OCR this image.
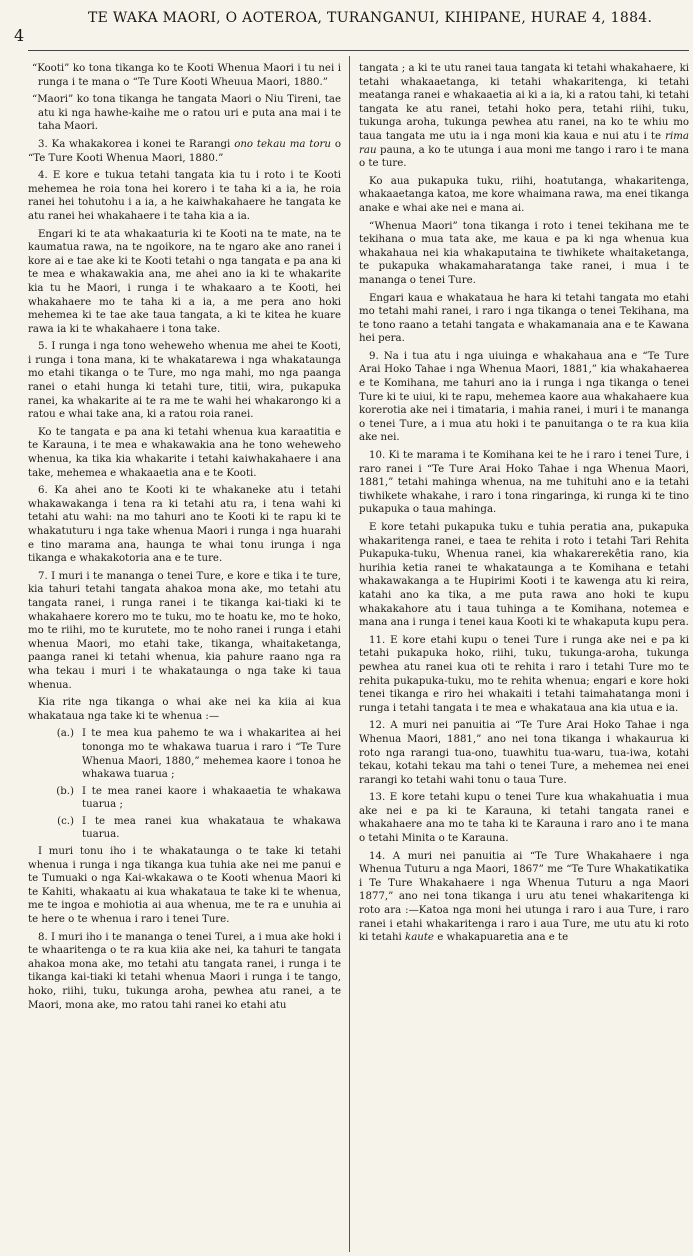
4
TE WAKA MAORI, O AOTEROA, TURANGANUI, KIHIPANE, HURAE 4, 1884.

“Kooti” ko tona tikanga ko te Kooti Whenua Maori i tu nei i runga i te mana o “Te Ture Kooti Wheuua Maori, 1880.”

“Maori” ko tona tikanga he tangata Maori o Niu Tireni, tae atu ki nga hawhe-kaihe me o ratou uri e puta ana mai i te taha Maori.

3. Ka whakakorea i konei te Rarangi ono tekau ma toru o “Te Ture Kooti Whenua Maori, 1880.”

4. E kore e tukua tetahi tangata kia tu i roto i te Kooti mehemea he roia tona hei korero i te taha ki a ia, he roia ranei hei tohutohu i a ia, a he kaiwhakahaere he tangata ke atu ranei hei whakahaere i te taha kia a ia.

Engari ki te ata whakaaturia ki te Kooti na te mate, na te kaumatua rawa, na te ngoikore, na te ngaro ake ano ranei i kore ai e tae ake ki te Kooti tetahi o nga tangata e pa ana ki te mea e whakawakia ana, me ahei ano ia ki te whakarite kia tu he Maori, i runga i te whakaaro a te Kooti, hei whakahaere mo te taha ki a ia, a me pera ano hoki mehemea ki te tae ake taua tangata, a ki te kitea he kuare rawa ia ki te whakahaere i tona take.

5. I runga i nga tono weheweho whenua me ahei te Kooti, i runga i tona mana, ki te whakatarewa i nga whakataunga mo etahi tikanga o te Ture, mo nga mahi, mo nga paanga ranei o etahi hunga ki tetahi ture, titii, wira, pukapuka ranei, ka whakarite ai te ra me te wahi hei whakarongo ki a ratou e whai take ana, ki a ratou roia ranei.

Ko te tangata e pa ana ki tetahi whenua kua karaatitia e te Karauna, i te mea e whakawakia ana he tono weheweho whenua, ka tika kia whakarite i tetahi kaiwhakahaere i ana take, mehemea e whakaaetia ana e te Kooti.

6. Ka ahei ano te Kooti ki te whakaneke atu i tetahi whakawakanga i tena ra ki tetahi atu ra, i tena wahi ki tetahi atu wahi: na mo tahuri ano te Kooti ki te rapu ki te whakatuturu i nga take whenua Maori i runga i nga huarahi e tino marama ana, haunga te whai tonu irunga i nga tikanga e whakakotoria ana e te ture.

7. I muri i te mananga o tenei Ture, e kore e tika i te ture, kia tahuri tetahi tangata ahakoa mona ake, mo tetahi atu tangata ranei, i runga ranei i te tikanga kai-tiaki ki te whakahaere korero mo te tuku, mo te hoatu ke, mo te hoko, mo te riihi, mo te kurutete, mo te noho ranei i runga i etahi whenua Maori, mo etahi take, tikanga, whaitaketanga, paanga ranei ki tetahi whenua, kia pahure raano nga ra wha tekau i muri i te whakataunga o nga take ki taua whenua.

Kia rite nga tikanga o whai ake nei ka kiia ai kua whakataua nga take ki te whenua :—

(a.) I te mea kua pahemo te wa i whakaritea ai hei tononga mo te whakawa tuarua i raro i “Te Ture Whenua Maori, 1880,” mehemea kaore i tonoa he whakawa tuarua ;
(b.) I te mea ranei kaore i whakaaetia te whakawa tuarua ;
(c.) I te mea ranei kua whakataua te whakawa tuarua.

I muri tonu iho i te whakataunga o te take ki tetahi whenua i runga i nga tikanga kua tuhia ake nei me panui e te Tumuaki o nga Kai-wkakawa o te Kooti whenua Maori ki te Kahiti, whakaatu ai kua whakataua te take ki te whenua, me te ingoa e mohiotia ai aua whenua, me te ra e unuhia ai te here o te whenua i raro i tenei Ture.

8. I muri iho i te mananga o tenei Turei, a i mua ake hoki i te whaaritenga o te ra kua kiia ake nei, ka tahuri te tangata ahakoa mona ake, mo tetahi atu tangata ranei, i runga i te tikanga kai-tiaki ki tetahi whenua Maori i runga i te tango, hoko, riihi, tuku, tukunga aroha, pewhea atu ranei, a te Maori, mona ake, mo ratou tahi ranei ko etahi atu

tangata ; a ki te utu ranei taua tangata ki tetahi whakahaere, ki tetahi whakaaetanga, ki tetahi whakaritenga, ki tetahi meatanga ranei e whakaaetia ai ki a ia, ki a ratou tahi, ki tetahi tangata ke atu ranei, tetahi hoko pera, tetahi riihi, tuku, tukunga aroha, tukunga pewhea atu ranei, na ko te whiu mo taua tangata me utu ia i nga moni kia kaua e nui atu i te rima rau pauna, a ko te utunga i aua moni me tango i raro i te mana o te ture.

Ko aua pukapuka tuku, riihi, hoatutanga, whakaritenga, whakaaetanga katoa, me kore whaimana rawa, ma enei tikanga anake e whai ake nei e mana ai.

“Whenua Maori” tona tikanga i roto i tenei tekihana me te tekihana o mua tata ake, me kaua e pa ki nga whenua kua whakahaua nei kia whakaputaina te tiwhikete whaitaketanga, te pukapuka whakamaharatanga take ranei, i mua i te mananga o tenei Ture.

Engari kaua e whakataua he hara ki tetahi tangata mo etahi mo tetahi mahi ranei, i raro i nga tikanga o tenei Tekihana, ma te tono raano a tetahi tangata e whakamanaia ana e te Kawana hei pera.

9. Na i tua atu i nga uiuinga e whakahaua ana e “Te Ture Arai Hoko Tahae i nga Whenua Maori, 1881,” kia whakahaerea e te Komihana, me tahuri ano ia i runga i nga tikanga o tenei Ture ki te uiui, ki te rapu, mehemea kaore aua whakahaere kua korerotia ake nei i timataria, i mahia ranei, i muri i te mananga o tenei Ture, a i mua atu hoki i te panuitanga o te ra kua kiia ake nei.

10. Ki te marama i te Komihana kei te he i raro i tenei Ture, i raro ranei i “Te Ture Arai Hoko Tahae i nga Whenua Maori, 1881,” tetahi mahinga whenua, na me tuhituhi ano e ia tetahi tiwhikete whakahe, i raro i tona ringaringa, ki runga ki te tino pukapuka o taua mahinga.

E kore tetahi pukapuka tuku e tuhia peratia ana, pukapuka whakaritenga ranei, e taea te rehita i roto i tetahi Tari Rehita Pukapuka-tuku, Whenua ranei, kia whakarerekêtia rano, kia hurihia ketia ranei te whakataunga a te Komihana e tetahi whakawakanga a te Hupirimi Kooti i te kawenga atu ki reira, katahi ano ka tika, a me puta rawa ano hoki te kupu whakakahore atu i taua tuhinga a te Komihana, notemea e mana ana i runga i tenei kaua Kooti ki te whakaputa kupu pera.

11. E kore etahi kupu o tenei Ture i runga ake nei e pa ki tetahi pukapuka hoko, riihi, tuku, tukunga-aroha, tukunga pewhea atu ranei kua oti te rehita i raro i tetahi Ture mo te rehita pukapuka-tuku, mo te rehita whenua; engari e kore hoki tenei tikanga e riro hei whakaiti i tetahi taimahatanga moni i runga i tetahi tangata i te mea e whakataua ana kia utua e ia.

12. A muri nei panuitia ai “Te Ture Arai Hoko Tahae i nga Whenua Maori, 1881,” ano nei tona tikanga i whakaurua ki roto nga rarangi tua-ono, tuawhitu tua-waru, tua-iwa, kotahi tekau, kotahi tekau ma tahi o tenei Ture, a mehemea nei enei rarangi ko tetahi wahi tonu o taua Ture.

13. E kore tetahi kupu o tenei Ture kua whakahuatia i mua ake nei e pa ki te Karauna, ki tetahi tangata ranei e whakahaere ana mo te taha ki te Karauna i raro ano i te mana o tetahi Minita o te Karauna.

14. A muri nei panuitia ai “Te Ture Whakahaere i nga Whenua Tuturu a nga Maori, 1867” me “Te Ture Whakatikatika i Te Ture Whakahaere i nga Whenua Tuturu a nga Maori 1877,” ano nei tona tikanga i uru atu tenei whakaritenga ki roto ara :—Katoa nga moni hei utunga i raro i aua Ture, i raro ranei i etahi whakaritenga i raro i aua Ture, me utu atu ki roto ki tetahi kaute e whakapuaretia ana e te
